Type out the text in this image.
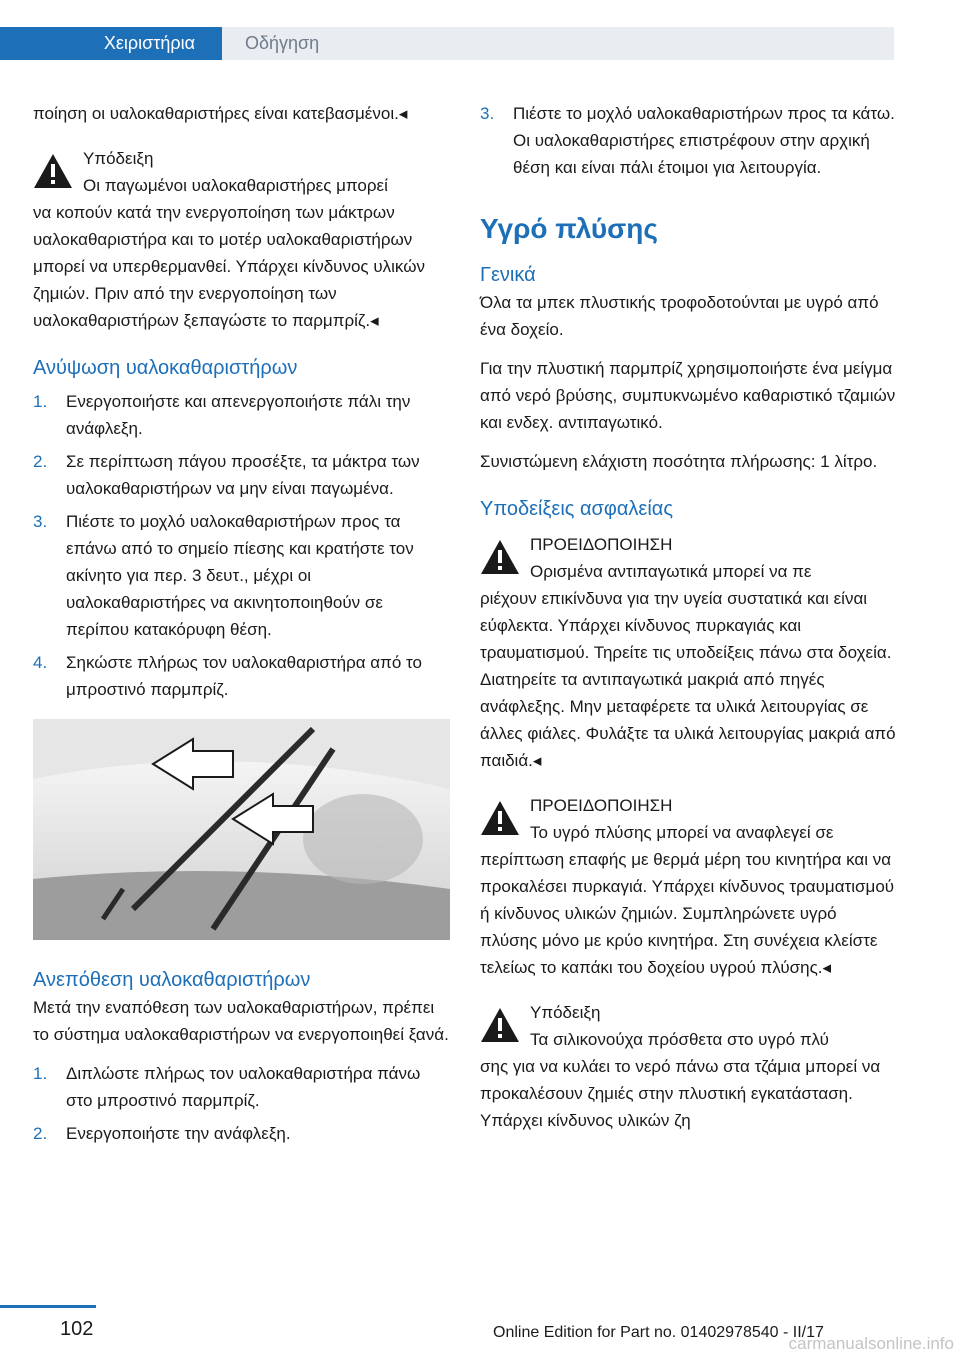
Χειριστήρια	Οδήγηση

ποίηση οι υαλοκαθαριστήρες είναι κατεβασμένοι.◂

Υπόδειξη

Οι παγωμένοι υαλοκαθαριστήρες μπορεί

να κοπούν κατά την ενεργοποίηση των μάκτρων υαλοκαθαριστήρα και το μοτέρ υαλοκαθαριστήρων μπορεί να υπερθερμανθεί. Υπάρχει κίνδυνος υλικών ζημιών. Πριν από την ενεργοποίηση των υαλοκαθαριστήρων ξεπαγώστε το παρμπρίζ.◂

Ανύψωση υαλοκαθαριστήρων
1. Ενεργοποιήστε και απενεργοποιήστε πάλι την ανάφλεξη.
2. Σε περίπτωση πάγου προσέξτε, τα μάκτρα των υαλοκαθαριστήρων να μην είναι παγωμένα.
3. Πιέστε το μοχλό υαλοκαθαριστήρων προς τα επάνω από το σημείο πίεσης και κρατήστε τον ακίνητο για περ. 3 δευτ., μέχρι οι υαλοκαθαριστήρες να ακινητοποιηθούν σε περίπου κατακόρυφη θέση.
4. Σηκώστε πλήρως τον υαλοκαθαριστήρα από το μπροστινό παρμπρίζ.
Ανεπόθεση υαλοκαθαριστήρων

Μετά την εναπόθεση των υαλοκαθαριστήρων, πρέπει το σύστημα υαλοκαθαριστήρων να ενεργοποιηθεί ξανά.

1. Διπλώστε πλήρως τον υαλοκαθαριστήρα πάνω στο μπροστινό παρμπρίζ.
2. Ενεργοποιήστε την ανάφλεξη.
3. Πιέστε το μοχλό υαλοκαθαριστήρων προς τα κάτω. Οι υαλοκαθαριστήρες επιστρέφουν στην αρχική θέση και είναι πάλι έτοιμοι για λειτουργία.
Υγρό πλύσης
Γενικά

Όλα τα μπεκ πλυστικής τροφοδοτούνται με υγρό από ένα δοχείο.

Για την πλυστική παρμπρίζ χρησιμοποιήστε ένα μείγμα από νερό βρύσης, συμπυκνωμένο καθαριστικό τζαμιών και ενδεχ. αντιπαγωτικό.

Συνιστώμενη ελάχιστη ποσότητα πλήρωσης: 1 λίτρο.

Υποδείξεις ασφαλείας

ΠΡΟΕΙΔΟΠΟΙΗΣΗ

Ορισμένα αντιπαγωτικά μπορεί να πε

ριέχουν επικίνδυνα για την υγεία συστατικά και είναι εύφλεκτα. Υπάρχει κίνδυνος πυρκαγιάς και τραυματισμού. Τηρείτε τις υποδείξεις πάνω στα δοχεία. Διατηρείτε τα αντιπαγωτικά μακριά από πηγές ανάφλεξης. Μην μεταφέρετε τα υλικά λειτουργίας σε άλλες φιάλες. Φυλάξτε τα υλικά λειτουργίας μακριά από παιδιά.◂

ΠΡΟΕΙΔΟΠΟΙΗΣΗ

Το υγρό πλύσης μπορεί να αναφλεγεί σε

περίπτωση επαφής με θερμά μέρη του κινητήρα και να προκαλέσει πυρκαγιά. Υπάρχει κίνδυνος τραυματισμού ή κίνδυνος υλικών ζημιών. Συμπληρώνετε υγρό πλύσης μόνο με κρύο κινητήρα. Στη συνέχεια κλείστε τελείως το καπάκι του δοχείου υγρού πλύσης.◂

Υπόδειξη

Τα σιλικονούχα πρόσθετα στο υγρό πλύ

σης για να κυλάει το νερό πάνω στα τζάμια μπορεί να προκαλέσουν ζημιές στην πλυστική εγκατάσταση. Υπάρχει κίνδυνος υλικών ζη

102	Online Edition for Part no. 01402978540 - II/17
carmanualsonline.info
